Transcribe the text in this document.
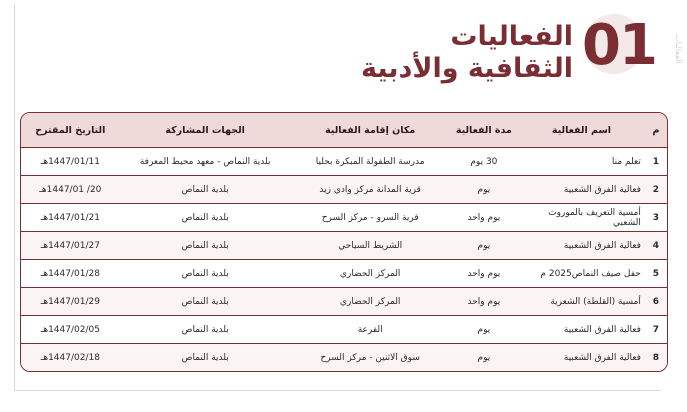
الفعاليات
01
الفعاليات
الثقافية والأدبية
م	اسم الفعالية	مدة الفعالية	مكان إقامة الفعالية	الجهات المشاركة	التاريخ المقترح
1	تعلم منا	30 يوم	مدرسة الطفولة المبكرة بحليا	بلدية النماص - معهد محيط المعرفة	1447/01/11هـ
2	فعالية الفرق الشعبية	يوم	قرية المدانة مركز وادي زيد	بلدية النماص	20/ 1447/01هـ
3	أمسية التعريف بالموروث الشعبي	يوم واحد	قرية السرو - مركز السرح	بلدية النماص	1447/01/21هـ
4	فعالية الفرق الشعبية	يوم	الشريط السياحي	بلدية النماص	1447/01/27هـ
5	حفل صيف النماص2025 م	يوم واحد	المركز الحضاري	بلدية النماص	1447/01/28هـ
6	أمسية (القلطة) الشعرية	يوم واحد	المركز الحضاري	بلدية النماص	1447/01/29هـ
7	فعالية الفرق الشعبية	يوم	الفرعة	بلدية النماص	1447/02/05هـ
8	فعالية الفرق الشعبية	يوم	سوق الاثنين - مركز السرح	بلدية النماص	1447/02/18هـ
